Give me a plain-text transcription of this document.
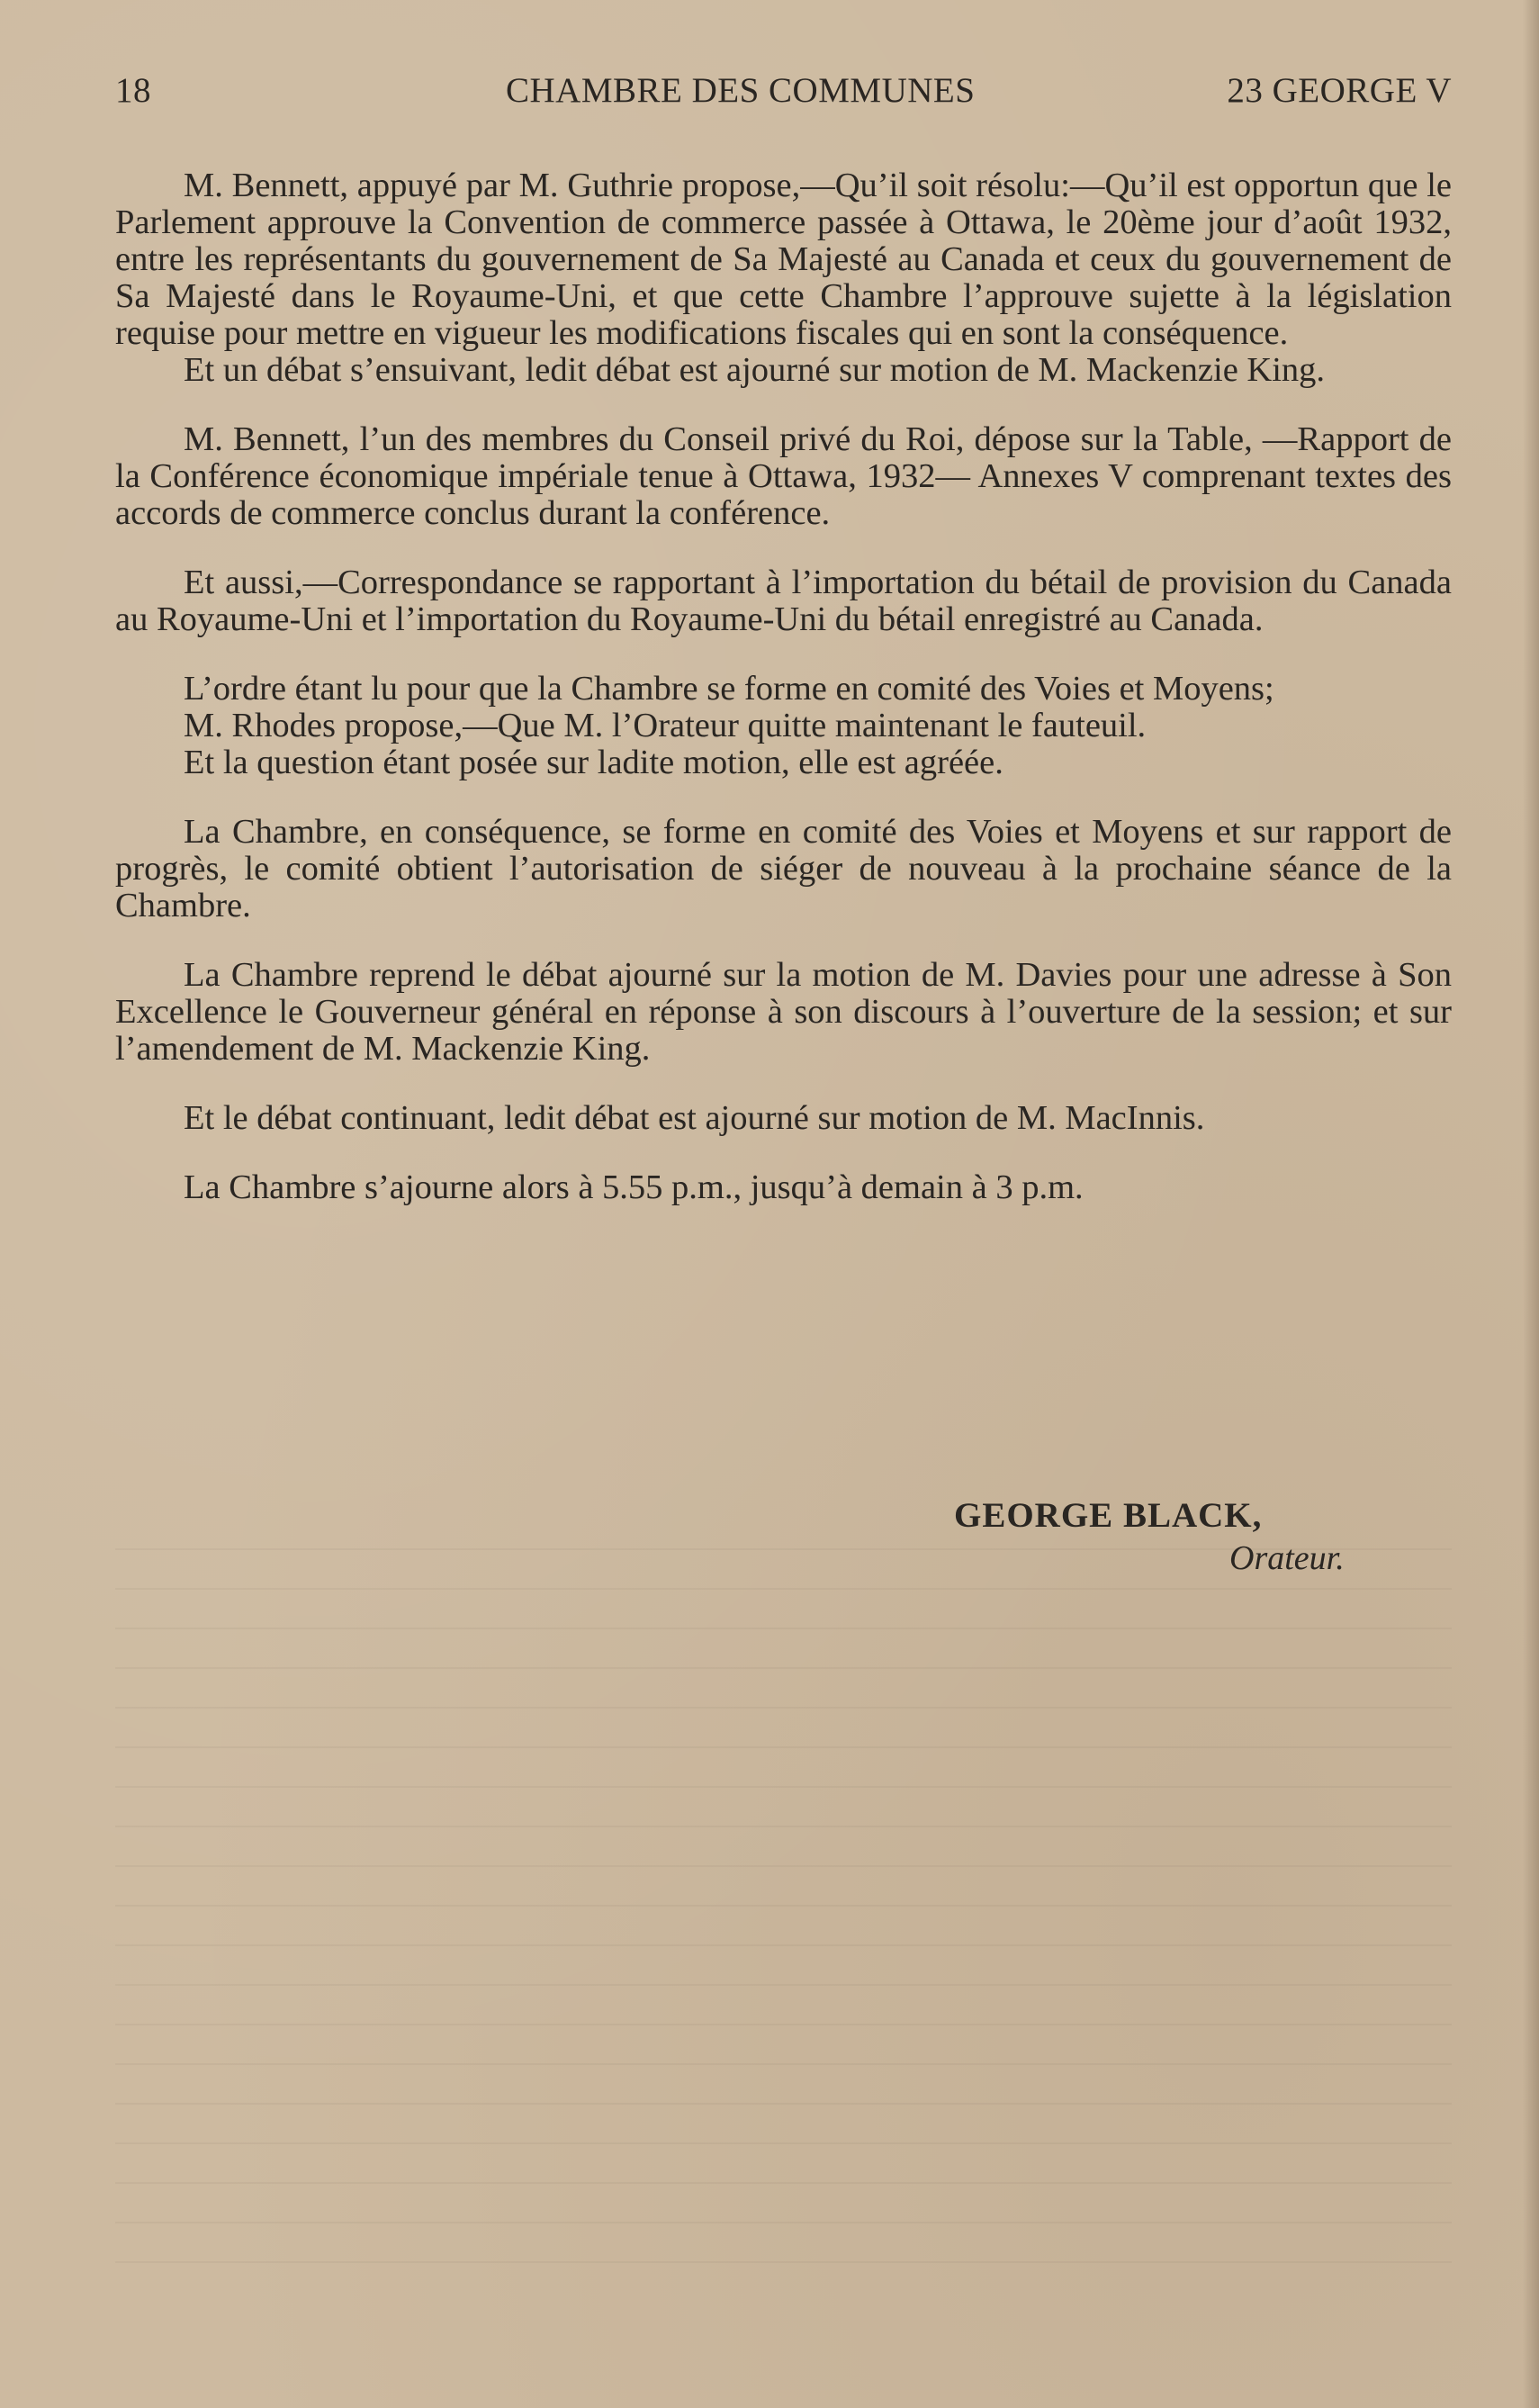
18	CHAMBRE DES COMMUNES	23 GEORGE V

M. Bennett, appuyé par M. Guthrie propose,—Qu’il soit résolu:—Qu’il est opportun que le Parlement approuve la Convention de commerce passée à Ottawa, le 20ème jour d’août 1932, entre les représentants du gouvernement de Sa Majesté au Canada et ceux du gouvernement de Sa Majesté dans le Royaume-Uni, et que cette Chambre l’approuve sujette à la législation requise pour mettre en vigueur les modifications fiscales qui en sont la conséquence.

Et un débat s’ensuivant, ledit débat est ajourné sur motion de M. Mackenzie King.

M. Bennett, l’un des membres du Conseil privé du Roi, dépose sur la Table, —Rapport de la Conférence économique impériale tenue à Ottawa, 1932— Annexes V comprenant textes des accords de commerce conclus durant la conférence.

Et aussi,—Correspondance se rapportant à l’importation du bétail de provision du Canada au Royaume-Uni et l’importation du Royaume-Uni du bétail enregistré au Canada.

L’ordre étant lu pour que la Chambre se forme en comité des Voies et Moyens;

M. Rhodes propose,—Que M. l’Orateur quitte maintenant le fauteuil.

Et la question étant posée sur ladite motion, elle est agréée.

La Chambre, en conséquence, se forme en comité des Voies et Moyens et sur rapport de progrès, le comité obtient l’autorisation de siéger de nouveau à la prochaine séance de la Chambre.

La Chambre reprend le débat ajourné sur la motion de M. Davies pour une adresse à Son Excellence le Gouverneur général en réponse à son discours à l’ouverture de la session; et sur l’amendement de M. Mackenzie King.

Et le débat continuant, ledit débat est ajourné sur motion de M. MacInnis.

La Chambre s’ajourne alors à 5.55 p.m., jusqu’à demain à 3 p.m.

GEORGE BLACK,
Orateur.
